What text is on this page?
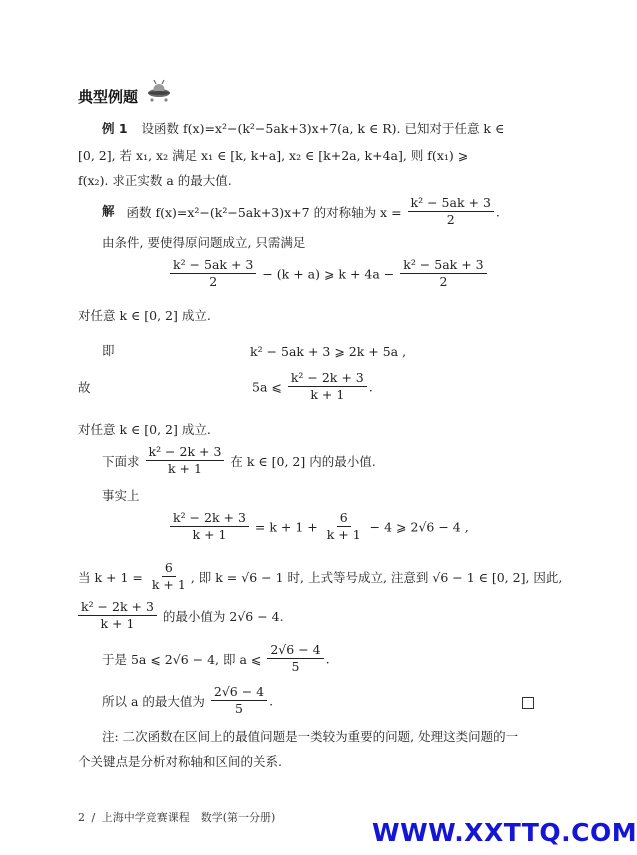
典型例题
例 1 设函数 f(x)=x²−(k²−5ak+3)x+7(a, k ∈ R). 已知对于任意 k ∈
[0, 2], 若 x₁, x₂ 满足 x₁ ∈ [k, k+a], x₂ ∈ [k+2a, k+4a], 则 f(x₁) ⩾
f(x₂). 求正实数 a 的最大值.
解 函数 f(x)=x²−(k²−5ak+3)x+7 的对称轴为 $x = \frac{\text{k² − 5ak + 3}}{2}$ .
由条件, 要使得原问题成立, 只需满足
$\frac{\text{k² − 5ak + 3}}{2} - (k + a)$ ⩾ $k + 4a - \frac{\text{k² − 5ak + 3}}{2}$
对任意 k ∈ [0, 2] 成立.
即	k² − 5ak + 3 ⩾ 2k + 5a ,
故	5a ⩽ $\frac{\text{k² − 2k + 3}}{k + 1}$ .
对任意 k ∈ [0, 2] 成立.
下面求 $\frac{\text{k² − 2k + 3}}{k + 1}$ 在 k ∈ [0, 2] 内的最小值.
事实上
$\frac{\text{k² − 2k + 3}}{k + 1} = k + 1 + \frac{6}{k + 1} - 4$ ⩾ 2√6 − 4 ,
当 $k + 1 = \frac{6}{k + 1}$ , 即 k = √6 − 1 时, 上式等号成立, 注意到 √6 − 1 ∈ [0, 2], 因此,
$\frac{\text{k² − 2k + 3}}{k + 1}$ 的最小值为 2√6 − 4.
于是 5a ⩽ 2√6 − 4, 即 a ⩽ $\frac{2√6 - 4}{5}$ .
所以 a 的最大值为 $\frac{2√6 - 4}{5}$ .
注: 二次函数在区间上的最值问题是一类较为重要的问题, 处理这类问题的一
个关键点是分析对称轴和区间的关系.
2 / 上海中学竞赛课程　数学(第一分册)
WWW.XXTTQ.COM
